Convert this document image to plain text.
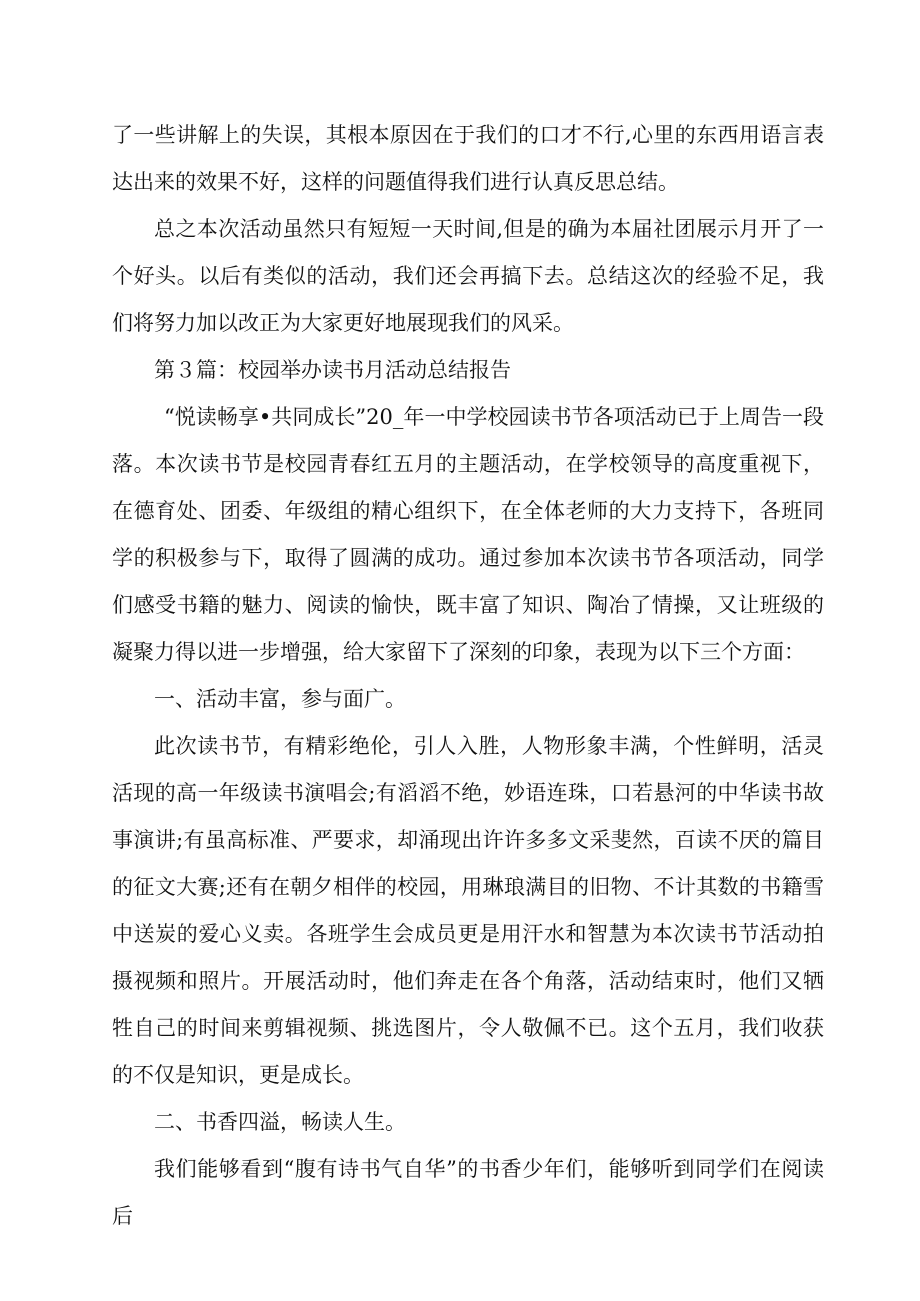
了一些讲解上的失误，其根本原因在于我们的口才不行,心里的东西用语言表达出来的效果不好，这样的问题值得我们进行认真反思总结。

总之本次活动虽然只有短短一天时间,但是的确为本届社团展示月开了一个好头。以后有类似的活动，我们还会再搞下去。总结这次的经验不足，我们将努力加以改正为大家更好地展现我们的风采。

第３篇：校园举办读书月活动总结报告

“悦读畅享•共同成长”20_年一中学校园读书节各项活动已于上周告一段落。本次读书节是校园青春红五月的主题活动，在学校领导的高度重视下，在德育处、团委、年级组的精心组织下，在全体老师的大力支持下，各班同学的积极参与下，取得了圆满的成功。通过参加本次读书节各项活动，同学们感受书籍的魅力、阅读的愉快，既丰富了知识、陶冶了情操，又让班级的凝聚力得以进一步增强，给大家留下了深刻的印象，表现为以下三个方面：

一、活动丰富，参与面广。

此次读书节，有精彩绝伦，引人入胜，人物形象丰满，个性鲜明，活灵活现的高一年级读书演唱会;有滔滔不绝，妙语连珠，口若悬河的中华读书故事演讲;有虽高标准、严要求，却涌现出许许多多文采斐然，百读不厌的篇目的征文大赛;还有在朝夕相伴的校园，用琳琅满目的旧物、不计其数的书籍雪中送炭的爱心义卖。各班学生会成员更是用汗水和智慧为本次读书节活动拍摄视频和照片。开展活动时，他们奔走在各个角落，活动结束时，他们又牺牲自己的时间来剪辑视频、挑选图片，令人敬佩不已。这个五月，我们收获的不仅是知识，更是成长。

二、书香四溢，畅读人生。

我们能够看到“腹有诗书气自华”的书香少年们，能够听到同学们在阅读后
